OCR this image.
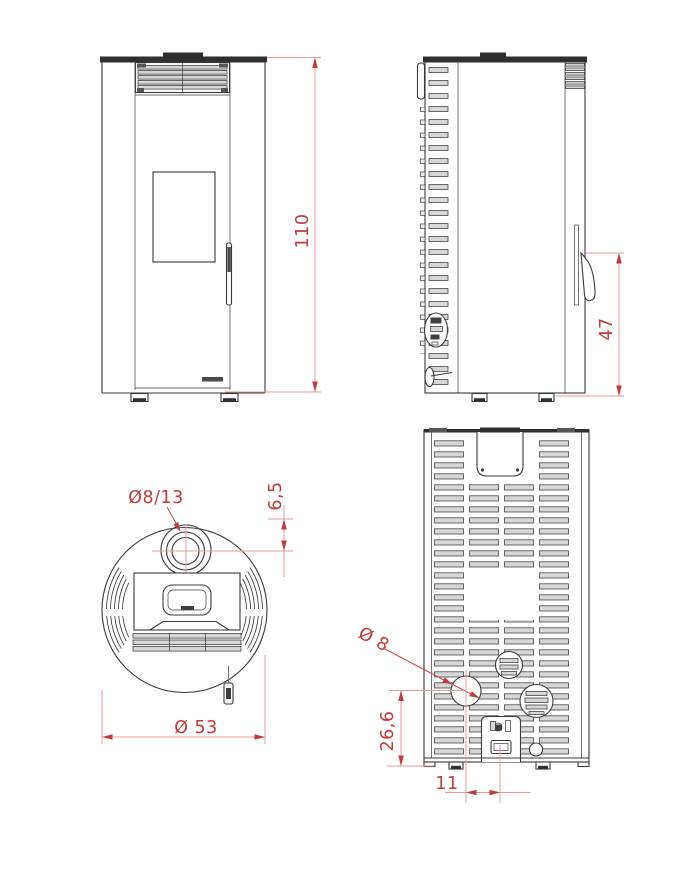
110
47
Ø8/13	6,5
Ø 53
Ø 8
26,6
11
